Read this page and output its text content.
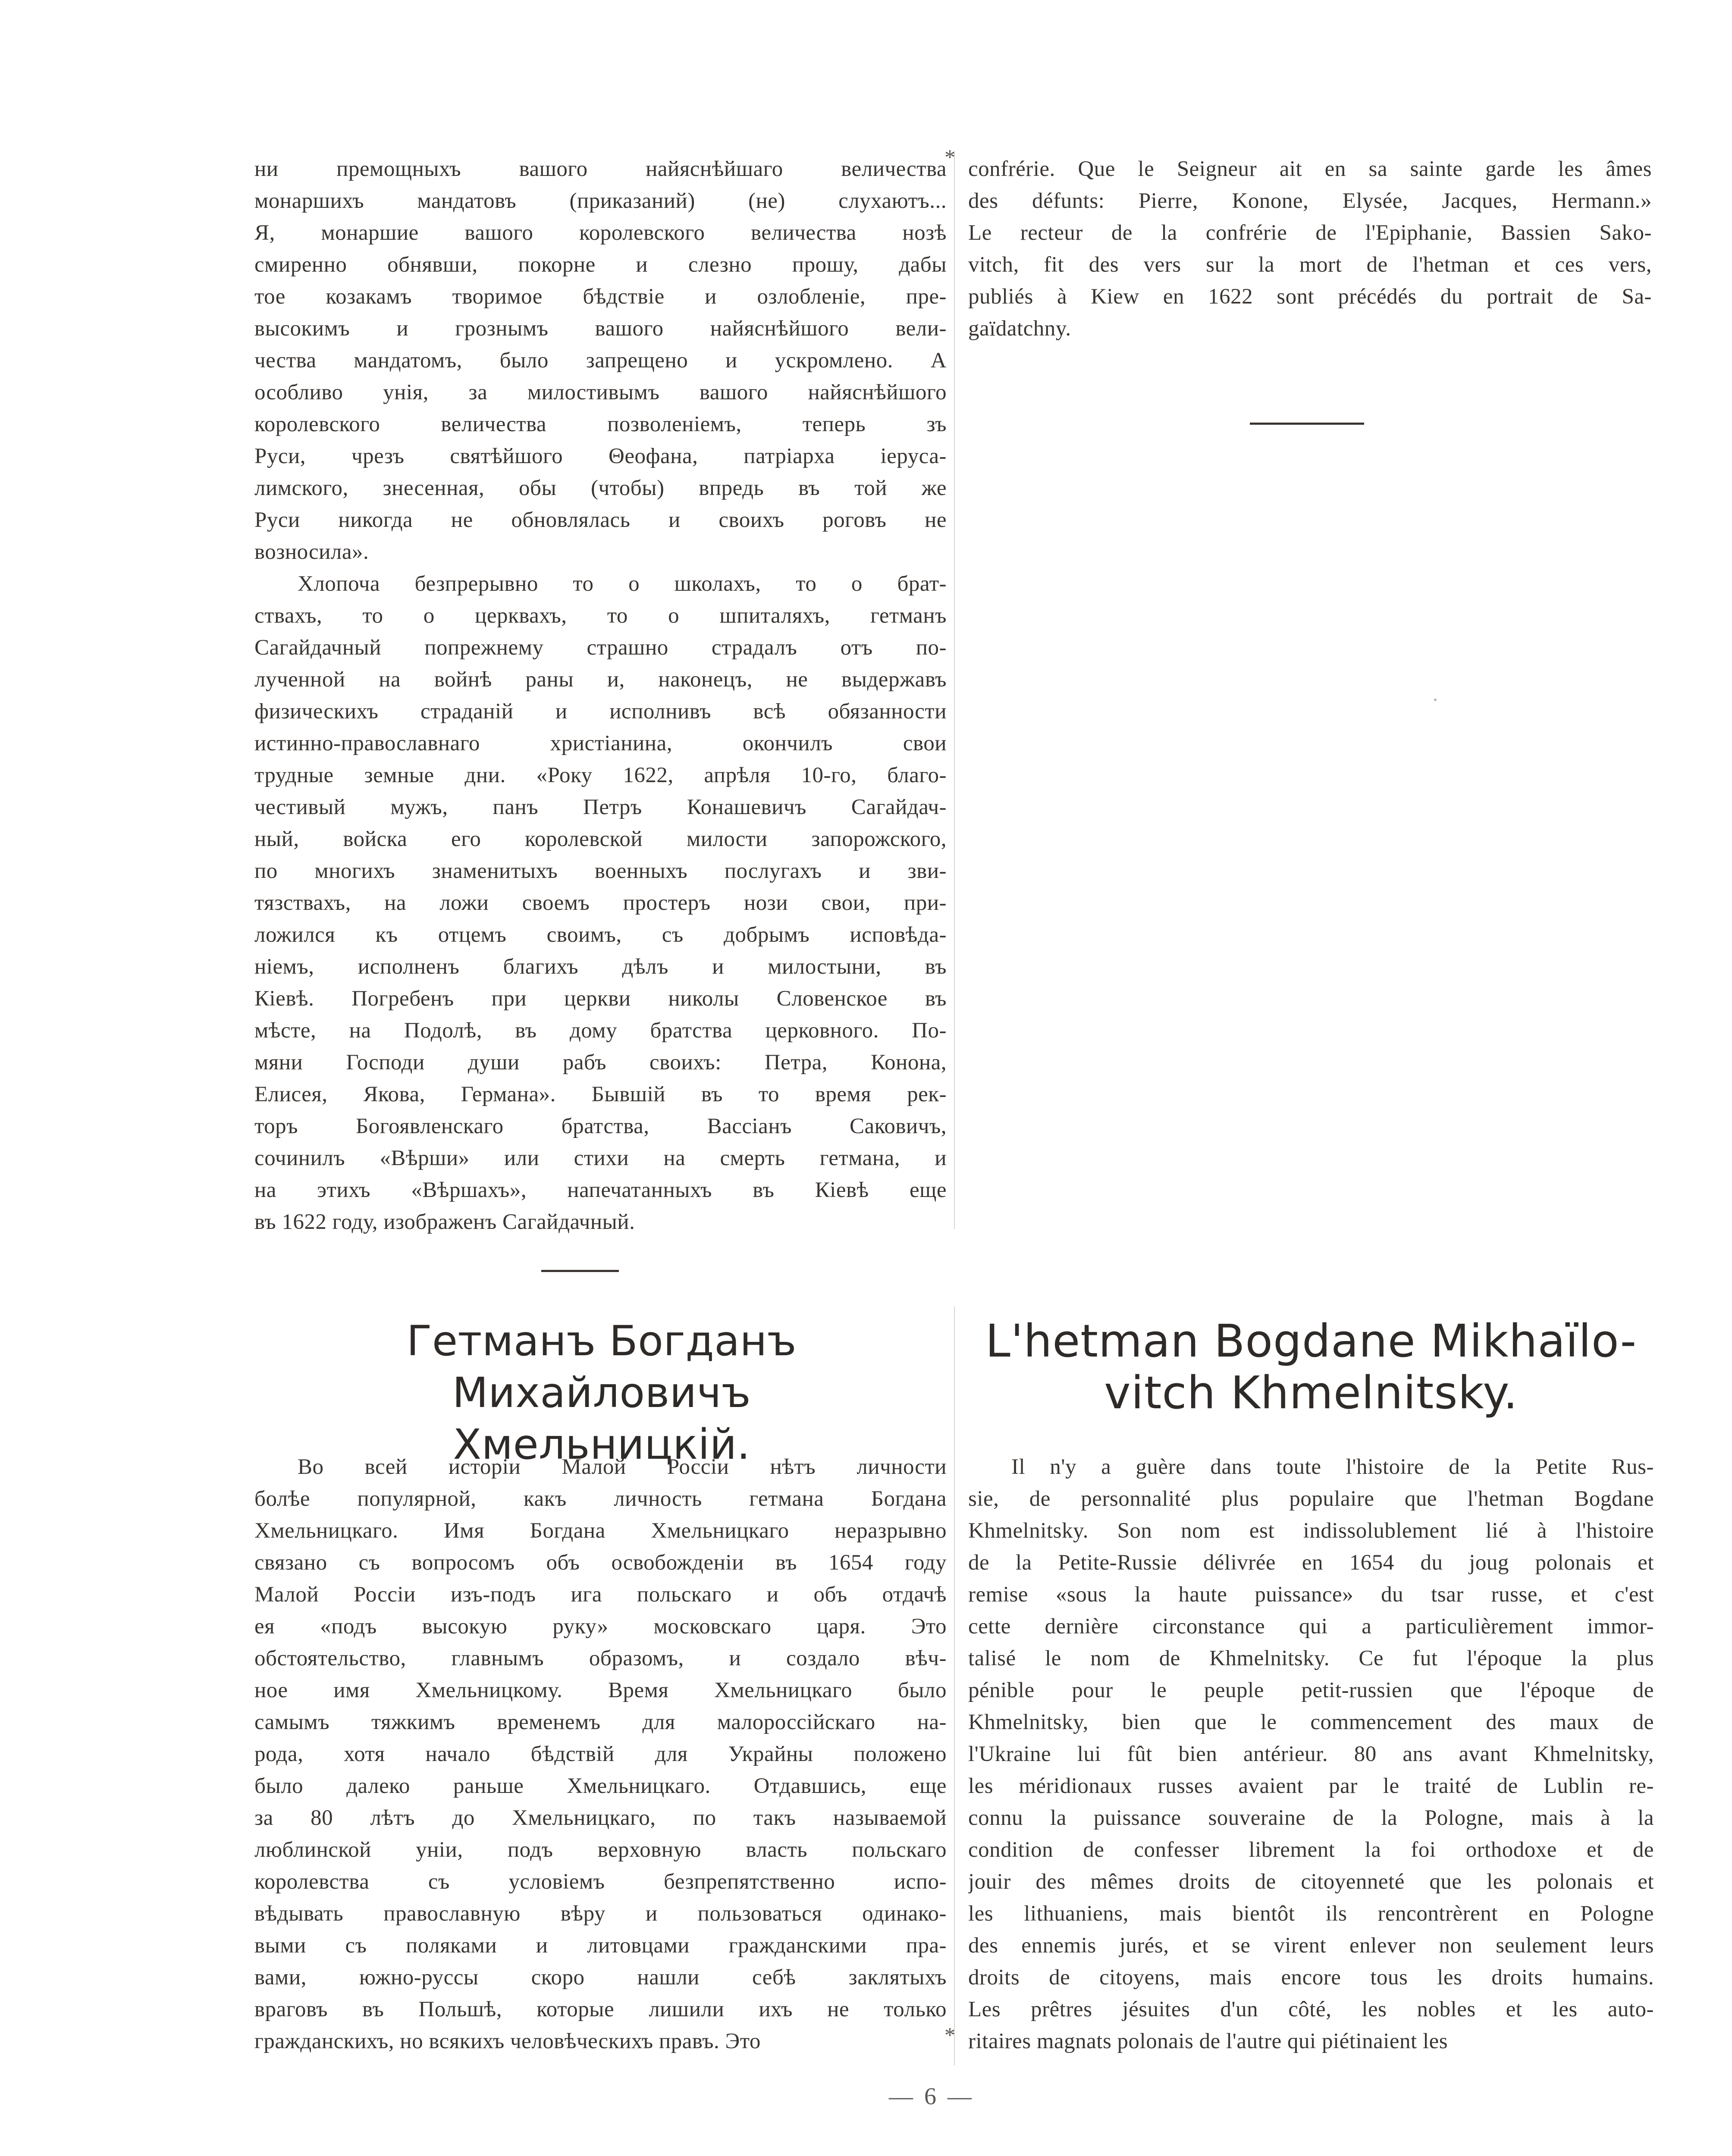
ни премощныхъ вашого найяснѣйшаго величества
монаршихъ мандатовъ (приказаний) (не) слухаютъ...
Я, монаршие вашого королевского величества нозѣ
смиренно обнявши, покорне и слезно прошу, дабы
тое козакамъ творимое бѣдствіе и озлобленіе, пре-
высокимъ и грознымъ вашого найяснѣйшого вели-
чества мандатомъ, было запрещено и ускромлено. А
особливо унія, за милостивымъ вашого найяснѣйшого
королевского величества позволеніемъ, теперь зъ
Руси, чрезъ святѣйшого Θеофана, патріарха іеруса-
лимского, знесенная, обы (чтобы) впредь въ той же
Руси никогда не обновлялась и своихъ роговъ не
возносила».

Хлопоча безпрерывно то о школахъ, то о брат-
ствахъ, то о церквахъ, то о шпиталяхъ, гетманъ
Сагайдачный попрежнему страшно страдалъ отъ по-
лученной на войнѣ раны и, наконецъ, не выдержавъ
физическихъ страданій и исполнивъ всѣ обязанности
истинно-православнаго христіанина, окончилъ свои
трудные земные дни. «Року 1622, апрѣля 10-го, благо-
честивый мужъ, панъ Петръ Конашевичъ Сагайдач-
ный, войска его королевской милости запорожского,
по многихъ знаменитыхъ военныхъ послугахъ и зви-
тязствахъ, на ложи своемъ простеръ нози свои, при-
ложился къ отцемъ своимъ, съ добрымъ исповѣда-
ніемъ, исполненъ благихъ дѣлъ и милостыни, въ
Кіевѣ. Погребенъ при церкви николы Словенское въ
мѣсте, на Подолѣ, въ дому братства церковного. По-
мяни Господи души рабъ своихъ: Петра, Конона,
Елисея, Якова, Германа». Бывшій въ то время рек-
торъ Богоявленскаго братства, Вассіанъ Саковичъ,
сочинилъ «Вѣрши» или стихи на смерть гетмана, и
на этихъ «Вѣршахъ», напечатанныхъ въ Кіевѣ еще
въ 1622 году, изображенъ Сагайдачный.

confrérie. Que le Seigneur ait en sa sainte garde les âmes
des défunts: Pierre, Konone, Elysée, Jacques, Hermann.»
Le recteur de la confrérie de l'Epiphanie, Bassien Sako-
vitch, fit des vers sur la mort de l'hetman et ces vers,
publiés à Kiew en 1622 sont précédés du portrait de Sa-
gaïdatchny.

Гетманъ Богданъ Михайловичъ
Хмельницкій.
L'hetman Bogdane Mikhaïlo-
vitch Khmelnitsky.

Во всей исторіи Малой Россіи нѣтъ личности
болѣе популярной, какъ личность гетмана Богдана
Хмельницкаго. Имя Богдана Хмельницкаго неразрывно
связано съ вопросомъ объ освобожденіи въ 1654 году
Малой Россіи изъ-подъ ига польскаго и объ отдачѣ
ея «подъ высокую руку» московскаго царя. Это
обстоятельство, главнымъ образомъ, и создало вѣч-
ное имя Хмельницкому. Время Хмельницкаго было
самымъ тяжкимъ временемъ для малороссійскаго на-
рода, хотя начало бѣдствій для Украйны положено
было далеко раньше Хмельницкаго. Отдавшись, еще
за 80 лѣтъ до Хмельницкаго, по такъ называемой
люблинской уніи, подъ верховную власть польскаго
королевства съ условіемъ безпрепятственно испо-
вѣдывать православную вѣру и пользоваться одинако-
выми съ поляками и литовцами гражданскими пра-
вами, южно-руссы скоро нашли себѣ заклятыхъ
враговъ въ Польшѣ, которые лишили ихъ не только
гражданскихъ, но всякихъ человѣческихъ правъ. Это

Il n'y a guère dans toute l'histoire de la Petite Rus-
sie, de personnalité plus populaire que l'hetman Bogdane
Khmelnitsky. Son nom est indissolublement lié à l'histoire
de la Petite-Russie délivrée en 1654 du joug polonais et
remise «sous la haute puissance» du tsar russe, et c'est
cette dernière circonstance qui a particulièrement immor-
talisé le nom de Khmelnitsky. Ce fut l'époque la plus
pénible pour le peuple petit-russien que l'époque de
Khmelnitsky, bien que le commencement des maux de
l'Ukraine lui fût bien antérieur. 80 ans avant Khmelnitsky,
les méridionaux russes avaient par le traité de Lublin re-
connu la puissance souveraine de la Pologne, mais à la
condition de confesser librement la foi orthodoxe et de
jouir des mêmes droits de citoyenneté que les polonais et
les lithuaniens, mais bientôt ils rencontrèrent en Pologne
des ennemis jurés, et se virent enlever non seulement leurs
droits de citoyens, mais encore tous les droits humains.
Les prêtres jésuites d'un côté, les nobles et les auto-
ritaires magnats polonais de l'autre qui piétinaient les

*
*
— 6 —
